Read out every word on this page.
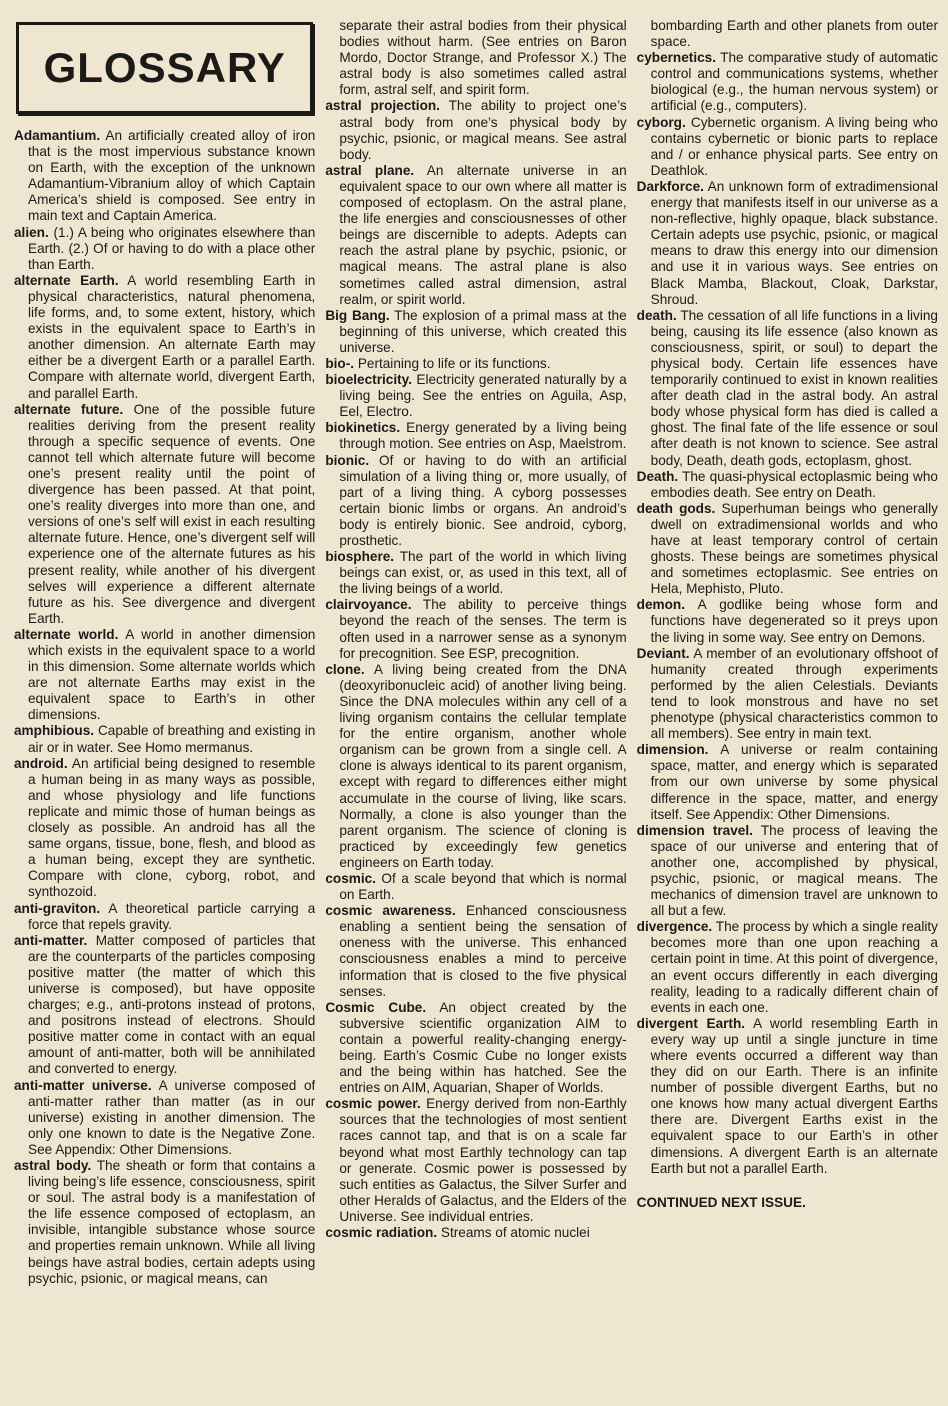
GLOSSARY

Adamantium. An artificially created alloy of iron that is the most impervious substance known on Earth, with the exception of the unknown Adamantium-Vibranium alloy of which Captain America’s shield is composed. See entry in main text and Captain America.

alien. (1.) A being who originates elsewhere than Earth. (2.) Of or having to do with a place other than Earth.

alternate Earth. A world resembling Earth in physical characteristics, natural phenomena, life forms, and, to some extent, history, which exists in the equivalent space to Earth’s in another dimension. An alternate Earth may either be a divergent Earth or a parallel Earth. Compare with alternate world, divergent Earth, and parallel Earth.

alternate future. One of the possible future realities deriving from the present reality through a specific sequence of events. One cannot tell which alternate future will become one’s present reality until the point of divergence has been passed. At that point, one’s reality diverges into more than one, and versions of one’s self will exist in each resulting alternate future. Hence, one’s divergent self will experience one of the alternate futures as his present reality, while another of his divergent selves will experience a different alternate future as his. See divergence and divergent Earth.

alternate world. A world in another dimension which exists in the equivalent space to a world in this dimension. Some alternate worlds which are not alternate Earths may exist in the equivalent space to Earth’s in other dimensions.

amphibious. Capable of breathing and existing in air or in water. See Homo mermanus.

android. An artificial being designed to resemble a human being in as many ways as possible, and whose physiology and life functions replicate and mimic those of human beings as closely as possible. An android has all the same organs, tissue, bone, flesh, and blood as a human being, except they are synthetic. Compare with clone, cyborg, robot, and synthozoid.

anti-graviton. A theoretical particle carrying a force that repels gravity.

anti-matter. Matter composed of particles that are the counterparts of the particles composing positive matter (the matter of which this universe is composed), but have opposite charges; e.g., anti-protons instead of protons, and positrons instead of electrons. Should positive matter come in contact with an equal amount of anti-matter, both will be annihilated and converted to energy.

anti-matter universe. A universe composed of anti-matter rather than matter (as in our universe) existing in another dimension. The only one known to date is the Negative Zone. See Appendix: Other Dimensions.

astral body. The sheath or form that contains a living being’s life essence, consciousness, spirit or soul. The astral body is a manifestation of the life essence composed of ectoplasm, an invisible, intangible substance whose source and properties remain unknown. While all living beings have astral bodies, certain adepts using psychic, psionic, or magical means, can

separate their astral bodies from their physical bodies without harm. (See entries on Baron Mordo, Doctor Strange, and Professor X.) The astral body is also sometimes called astral form, astral self, and spirit form.

astral projection. The ability to project one’s astral body from one’s physical body by psychic, psionic, or magical means. See astral body.

astral plane. An alternate universe in an equivalent space to our own where all matter is composed of ectoplasm. On the astral plane, the life energies and consciousnesses of other beings are discernible to adepts. Adepts can reach the astral plane by psychic, psionic, or magical means. The astral plane is also sometimes called astral dimension, astral realm, or spirit world.

Big Bang. The explosion of a primal mass at the beginning of this universe, which created this universe.

bio-. Pertaining to life or its functions.

bioelectricity. Electricity generated naturally by a living being. See the entries on Aguila, Asp, Eel, Electro.

biokinetics. Energy generated by a living being through motion. See entries on Asp, Maelstrom.

bionic. Of or having to do with an artificial simulation of a living thing or, more usually, of part of a living thing. A cyborg possesses certain bionic limbs or organs. An android’s body is entirely bionic. See android, cyborg, prosthetic.

biosphere. The part of the world in which living beings can exist, or, as used in this text, all of the living beings of a world.

clairvoyance. The ability to perceive things beyond the reach of the senses. The term is often used in a narrower sense as a synonym for precognition. See ESP, precognition.

clone. A living being created from the DNA (deoxyribonucleic acid) of another living being. Since the DNA molecules within any cell of a living organism contains the cellular template for the entire organism, another whole organism can be grown from a single cell. A clone is always identical to its parent organism, except with regard to differences either might accumulate in the course of living, like scars. Normally, a clone is also younger than the parent organism. The science of cloning is practiced by exceedingly few genetics engineers on Earth today.

cosmic. Of a scale beyond that which is normal on Earth.

cosmic awareness. Enhanced consciousness enabling a sentient being the sensation of oneness with the universe. This enhanced consciousness enables a mind to perceive information that is closed to the five physical senses.

Cosmic Cube. An object created by the subversive scientific organization AIM to contain a powerful reality-changing energy-being. Earth’s Cosmic Cube no longer exists and the being within has hatched. See the entries on AIM, Aquarian, Shaper of Worlds.

cosmic power. Energy derived from non-Earthly sources that the technologies of most sentient races cannot tap, and that is on a scale far beyond what most Earthly technology can tap or generate. Cosmic power is possessed by such entities as Galactus, the Silver Surfer and other Heralds of Galactus, and the Elders of the Universe. See individual entries.

cosmic radiation. Streams of atomic nuclei

bombarding Earth and other planets from outer space.

cybernetics. The comparative study of automatic control and communications systems, whether biological (e.g., the human nervous system) or artificial (e.g., computers).

cyborg. Cybernetic organism. A living being who contains cybernetic or bionic parts to replace and / or enhance physical parts. See entry on Deathlok.

Darkforce. An unknown form of extradimensional energy that manifests itself in our universe as a non-reflective, highly opaque, black substance. Certain adepts use psychic, psionic, or magical means to draw this energy into our dimension and use it in various ways. See entries on Black Mamba, Blackout, Cloak, Darkstar, Shroud.

death. The cessation of all life functions in a living being, causing its life essence (also known as consciousness, spirit, or soul) to depart the physical body. Certain life essences have temporarily continued to exist in known realities after death clad in the astral body. An astral body whose physical form has died is called a ghost. The final fate of the life essence or soul after death is not known to science. See astral body, Death, death gods, ectoplasm, ghost.

Death. The quasi-physical ectoplasmic being who embodies death. See entry on Death.

death gods. Superhuman beings who generally dwell on extradimensional worlds and who have at least temporary control of certain ghosts. These beings are sometimes physical and sometimes ectoplasmic. See entries on Hela, Mephisto, Pluto.

demon. A godlike being whose form and functions have degenerated so it preys upon the living in some way. See entry on Demons.

Deviant. A member of an evolutionary offshoot of humanity created through experiments performed by the alien Celestials. Deviants tend to look monstrous and have no set phenotype (physical characteristics common to all members). See entry in main text.

dimension. A universe or realm containing space, matter, and energy which is separated from our own universe by some physical difference in the space, matter, and energy itself. See Appendix: Other Dimensions.

dimension travel. The process of leaving the space of our universe and entering that of another one, accomplished by physical, psychic, psionic, or magical means. The mechanics of dimension travel are unknown to all but a few.

divergence. The process by which a single reality becomes more than one upon reaching a certain point in time. At this point of divergence, an event occurs differently in each diverging reality, leading to a radically different chain of events in each one.

divergent Earth. A world resembling Earth in every way up until a single juncture in time where events occurred a different way than they did on our Earth. There is an infinite number of possible divergent Earths, but no one knows how many actual divergent Earths there are. Divergent Earths exist in the equivalent space to our Earth’s in other dimensions. A divergent Earth is an alternate Earth but not a parallel Earth.

CONTINUED NEXT ISSUE.
